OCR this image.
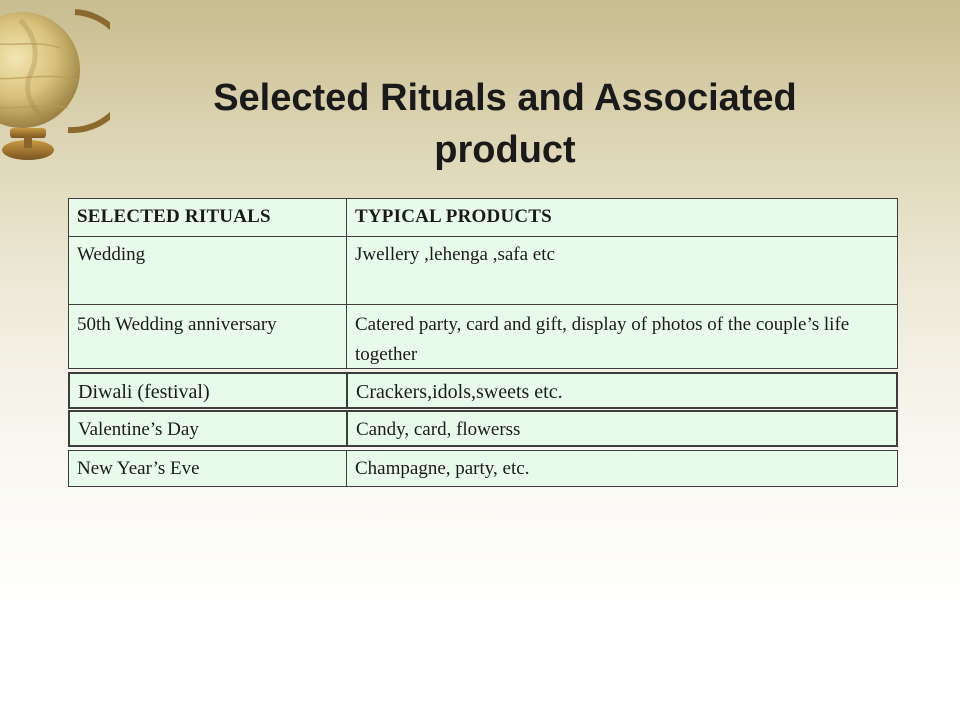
Selected Rituals and Associated
product
SELECTED RITUALS	TYPICAL PRODUCTS
Wedding	Jwellery ,lehenga ,safa etc
50th Wedding anniversary	Catered party, card and gift, display of photos of the couple’s life together
Diwali (festival)	Crackers,idols,sweets etc.
Valentine’s Day	Candy, card, flowerss
New Year’s Eve	Champagne, party, etc.
